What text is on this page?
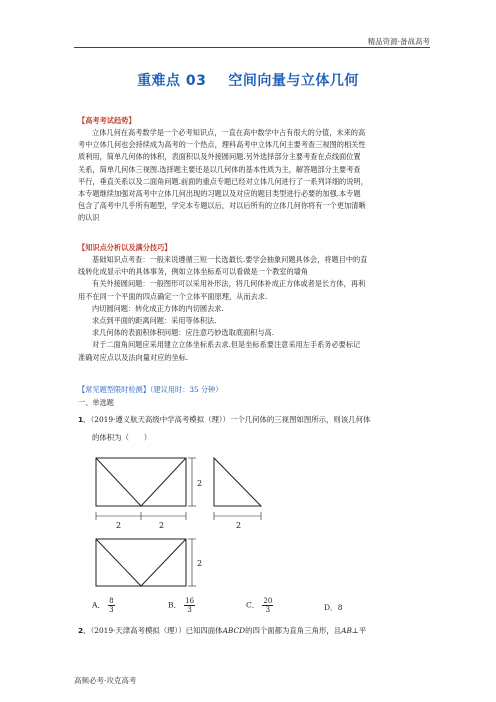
精品资源·备战高考
重难点 03 空间向量与立体几何
【高考考试趋势】
立体几何在高考数学是一个必考知识点，一直在高中数学中占有很大的分值，未来的高
考中立体几何也会持续成为高考的一个热点，理科高考中立体几何主要考查三视图的相关性
质利用，简单几何体的体积，表面积以及外接圆问题.另外选择部分主要考查在点线面位置
关系，简单几何体三视图.选择题主要还是以几何体的基本性质为主，解答题部分主要考查
平行，垂直关系以及二面角问题.前面的重点专题已经对立体几何进行了一系列详细的说明，
本专题继续加强对高考中立体几何出现的习题以及对应的题目类型进行必要的加强.本专题
包含了高考中几乎所有题型，学完本专题以后，对以后所有的立体几何你将有一个更加清晰
的认识
【知识点分析以及满分技巧】
基础知识点考查：一般来说遵循三短一长选最长.要学会抽象问题具体会，将题目中的直
线转化成显示中的具体事务，例如立体坐标系可以看做是一个教室的墙角
有关外接圆问题：一般图形可以采用补形法，将几何体补成正方体或者是长方体，再利
用不在同一个平面的四点确定一个立体平面原理，从而去求.
内切圆问题：转化成正方体的内切圆去求.
求点到平面的距离问题：采用等体积法.
求几何体的表面积体积问题：应注意巧妙选取底面积与高.
对于二面角问题应采用建立立体坐标系去求.但是坐标系要注意采用左手系务必要标记
准确对应点以及法向量对应的坐标.
【常见题型限时检测】（建议用时：35 分钟）
一、单选题
1．（2019·遵义航天高级中学高考模拟（理））一个几何体的三视图如图所示，则该几何体
的体积为（　　）
2	2
2
2
2
A． $\frac{8}{3}$	B． $\frac{16}{3}$	C． $\frac{20}{3}$	D．8
2．（2019·天津高考模拟（理））已知四面体ABCD的四个面都为直角三角形，且AB⊥平
高频必考·攻克高考
